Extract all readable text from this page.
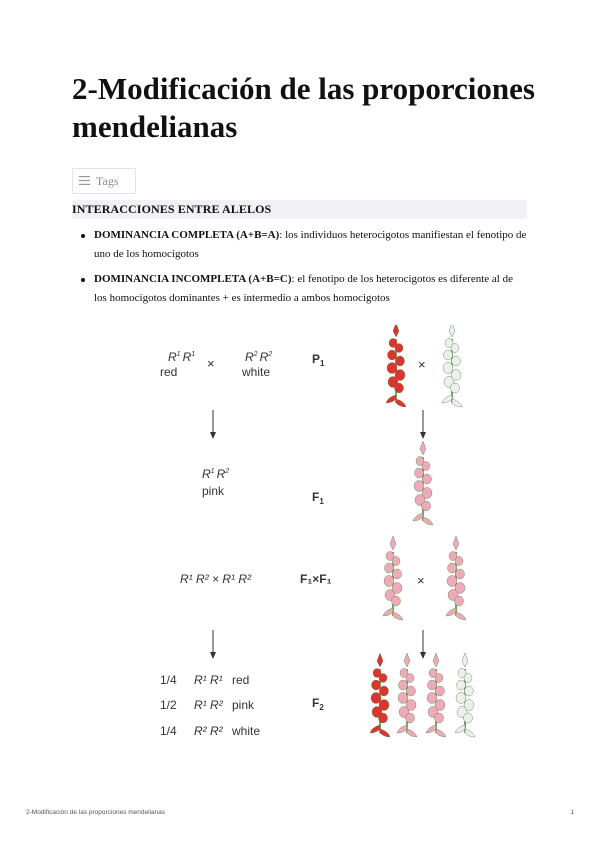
2-Modificación de las proporciones mendelianas
Tags
INTERACCIONES ENTRE ALELOS
DOMINANCIA COMPLETA (A+B=A): los individuos heterocigotos manifiestan el fenotipo de uno de los homocigotos
DOMINANCIA INCOMPLETA (A+B=C): el fenotipo de los heterocigotos es diferente al de los homocigotos dominantes + es intermedio a ambos homocigotos
$R^1$ $R^1$
red
×	$R^2$ $R^2$
white
$P_1$	×
$R^1$ $R^2$
pink	$F_1$
R¹ R² × R¹ R²	F₁×F₁	×
1/4 R¹ R¹ red
1/2 R¹ R² pink
1/4 R² R² white
$F_2$
2-Modificación de las proporciones mendelianas	1
